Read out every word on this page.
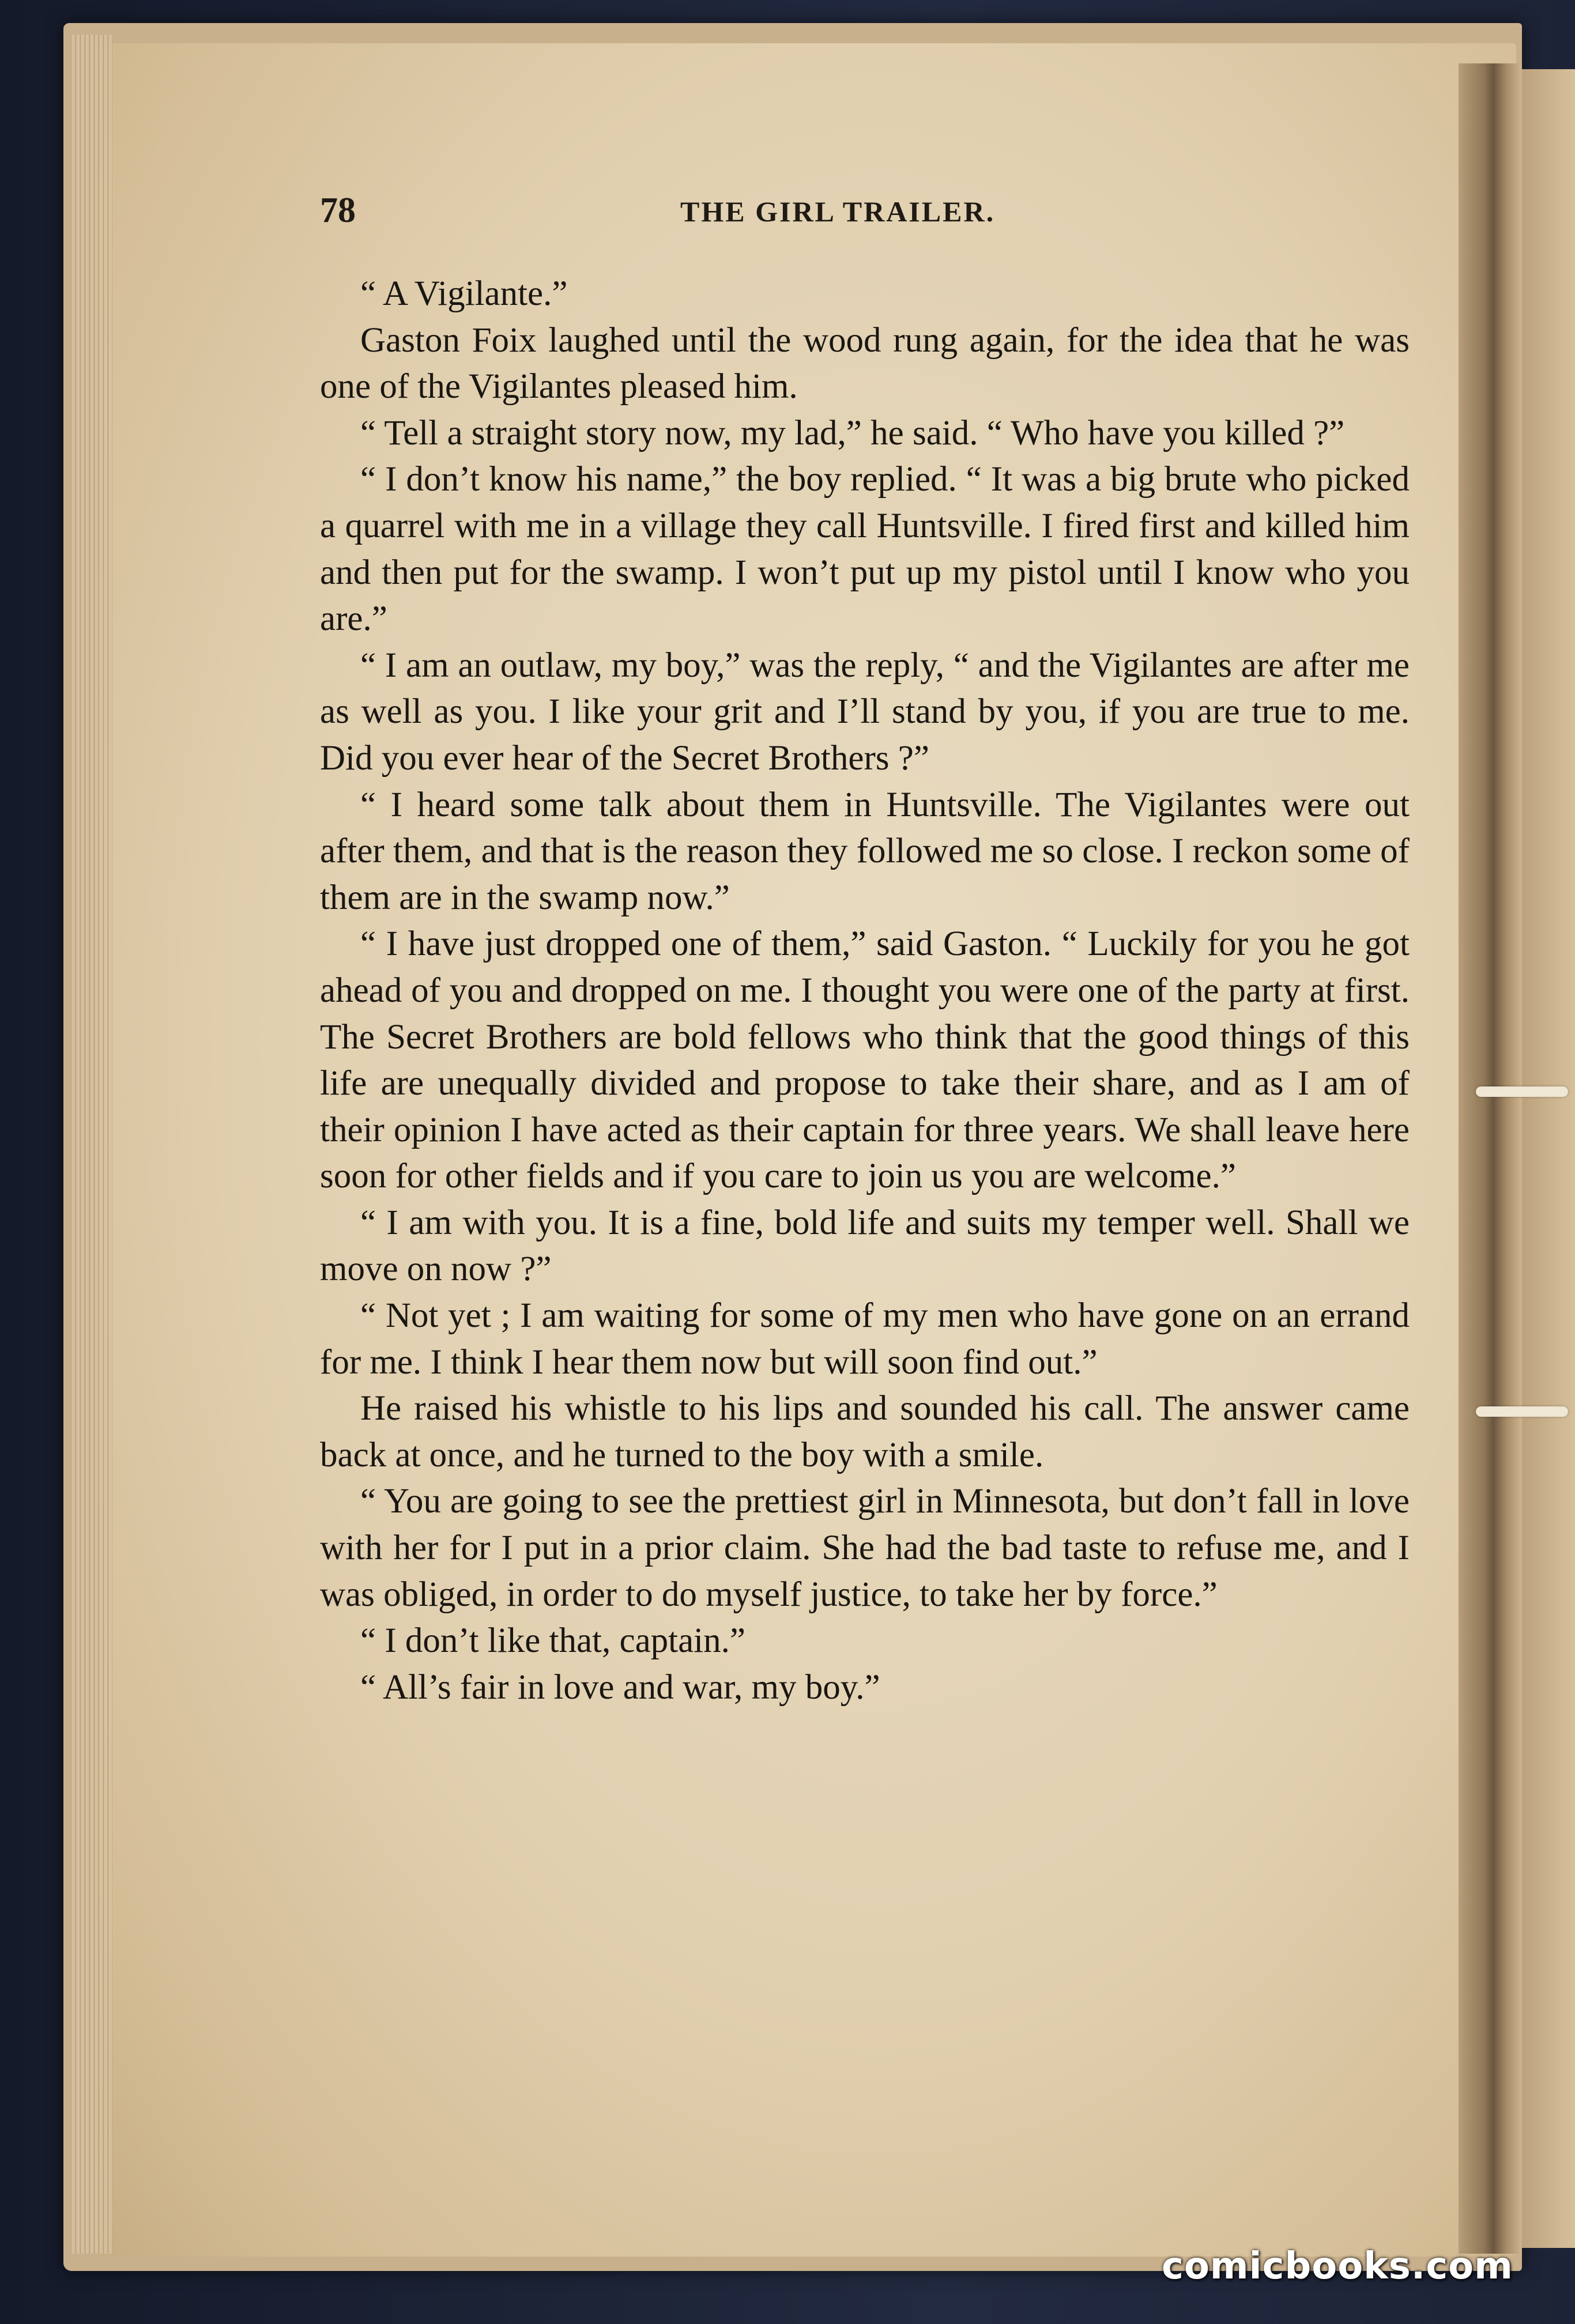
78	THE GIRL TRAILER.

“ A Vigilante.”

Gaston Foix laughed until the wood rung again, for the idea that he was one of the Vigilantes pleased him.

“ Tell a straight story now, my lad,” he said. “ Who have you killed ?”

“ I don’t know his name,” the boy replied. “ It was a big brute who picked a quarrel with me in a village they call Huntsville. I fired first and killed him and then put for the swamp. I won’t put up my pistol until I know who you are.”

“ I am an outlaw, my boy,” was the reply, “ and the Vigilantes are after me as well as you. I like your grit and I’ll stand by you, if you are true to me. Did you ever hear of the Secret Brothers ?”

“ I heard some talk about them in Huntsville. The Vigilantes were out after them, and that is the reason they followed me so close. I reckon some of them are in the swamp now.”

“ I have just dropped one of them,” said Gaston. “ Luckily for you he got ahead of you and dropped on me. I thought you were one of the party at first. The Secret Brothers are bold fellows who think that the good things of this life are unequally divided and propose to take their share, and as I am of their opinion I have acted as their captain for three years. We shall leave here soon for other fields and if you care to join us you are welcome.”

“ I am with you. It is a fine, bold life and suits my temper well. Shall we move on now ?”

“ Not yet ; I am waiting for some of my men who have gone on an errand for me. I think I hear them now but will soon find out.”

He raised his whistle to his lips and sounded his call. The answer came back at once, and he turned to the boy with a smile.

“ You are going to see the prettiest girl in Minnesota, but don’t fall in love with her for I put in a prior claim. She had the bad taste to refuse me, and I was obliged, in order to do myself justice, to take her by force.”

“ I don’t like that, captain.”

“ All’s fair in love and war, my boy.”

comicbooks.com
